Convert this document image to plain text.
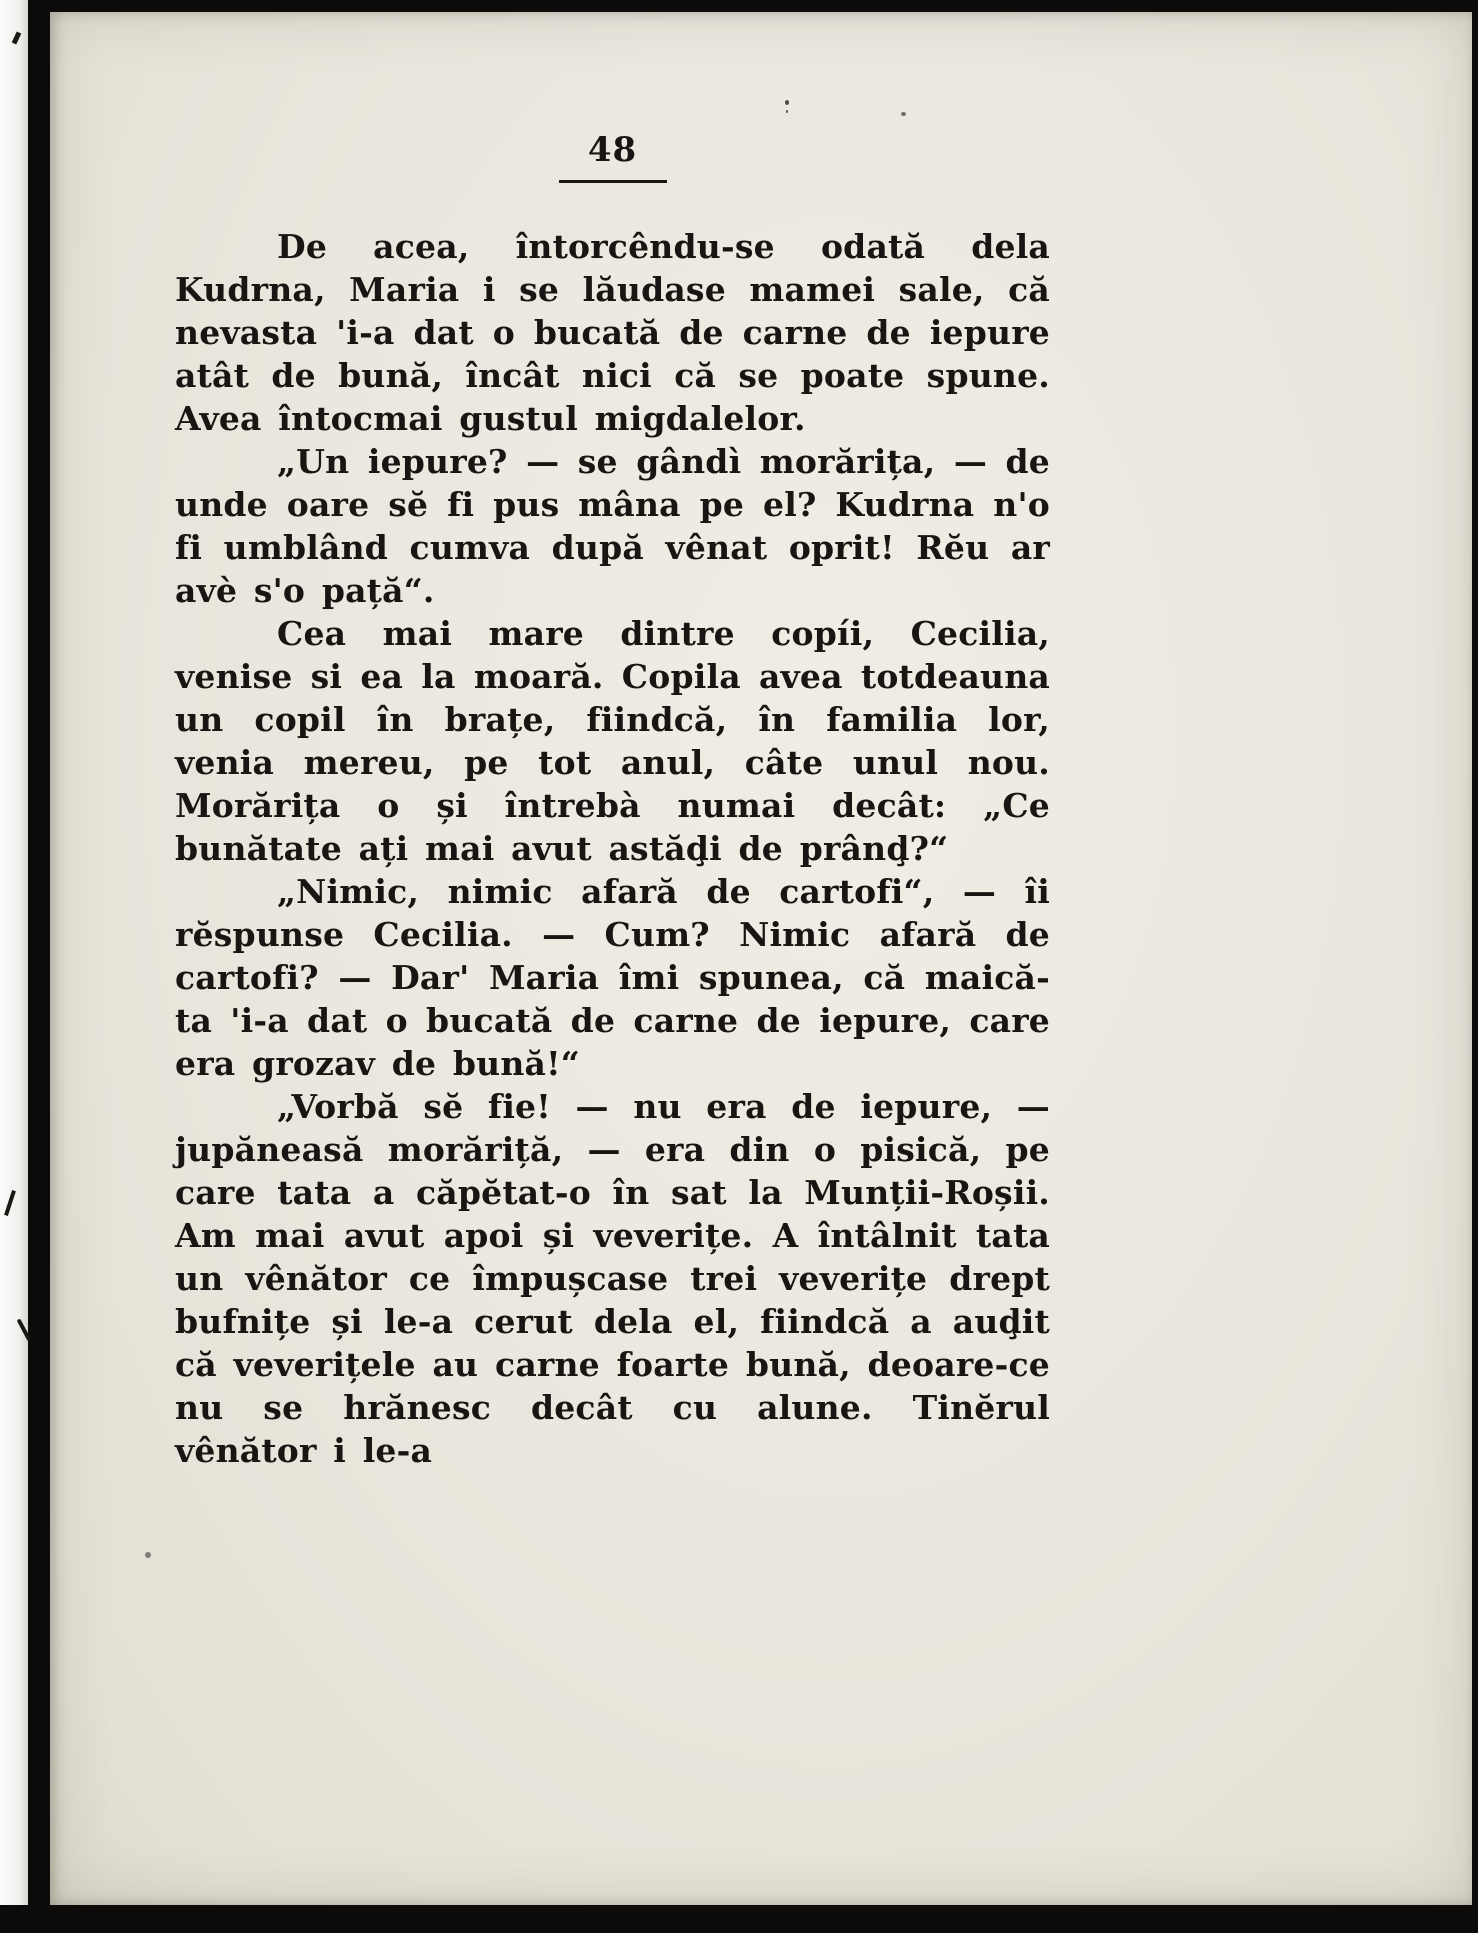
48

De acea, întorcêndu-se odată dela Kudrna, Maria i se lăudase mamei sale, că nevasta 'i-a dat o bucată de carne de iepure atât de bună, încât nici că se poate spune. Avea întocmai gustul migdalelor.

„Un iepure? — se gândì morărița, — de unde oare sĕ fi pus mâna pe el? Kudrna n'o fi umblând cumva după vênat oprit! Rĕu ar avè s'o pață“.

Cea mai mare dintre copíi, Cecilia, venise si ea la moară. Copila avea totdeauna un copil în brațe, fiindcă, în familia lor, venia mereu, pe tot anul, câte unul nou. Morărița o și întrebà numai decât: „Ce bunătate ați mai avut astăḑi de prânḑ?“

„Nimic, nimic afară de cartofi“, — îi rĕspunse Cecilia. — Cum? Nimic afară de cartofi? — Dar' Maria îmi spunea, că maică-ta 'i-a dat o bucată de carne de iepure, care era grozav de bună!“

„Vorbă sĕ fie! — nu era de iepure, — jupăneasă morăriță, — era din o pisică, pe care tata a căpĕtat-o în sat la Munții-Roșii. Am mai avut apoi și veverițe. A întâlnit tata un vênător ce împușcase trei veverițe drept bufnițe și le-a cerut dela el, fiindcă a auḑit că veverițele au carne foarte bună, deoare-ce nu se hrănesc decât cu alune. Tinĕrul vênător i le-a
